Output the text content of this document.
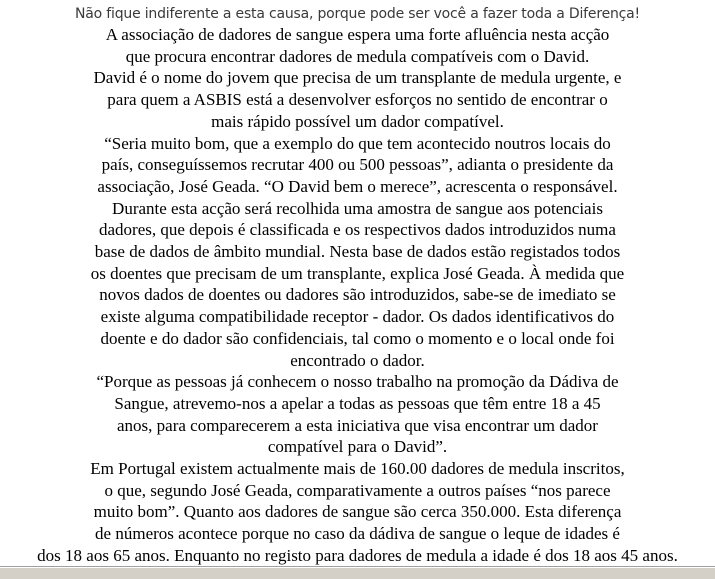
Não fique indiferente a esta causa, porque pode ser você a fazer toda a Diferença!
A associação de dadores de sangue espera uma forte afluência nesta acção
que procura encontrar dadores de medula compatíveis com o David.
David é o nome do jovem que precisa de um transplante de medula urgente, e
para quem a ASBIS está a desenvolver esforços no sentido de encontrar o
mais rápido possível um dador compatível.
“Seria muito bom, que a exemplo do que tem acontecido noutros locais do
país, conseguíssemos recrutar 400 ou 500 pessoas”, adianta o presidente da
associação, José Geada. “O David bem o merece”, acrescenta o responsável.
Durante esta acção será recolhida uma amostra de sangue aos potenciais
dadores, que depois é classificada e os respectivos dados introduzidos numa
base de dados de âmbito mundial. Nesta base de dados estão registados todos
os doentes que precisam de um transplante, explica José Geada. À medida que
novos dados de doentes ou dadores são introduzidos, sabe-se de imediato se
existe alguma compatibilidade receptor - dador. Os dados identificativos do
doente e do dador são confidenciais, tal como o momento e o local onde foi
encontrado o dador.
“Porque as pessoas já conhecem o nosso trabalho na promoção da Dádiva de
Sangue, atrevemo-nos a apelar a todas as pessoas que têm entre 18 a 45
anos, para comparecerem a esta iniciativa que visa encontrar um dador
compatível para o David”.
Em Portugal existem actualmente mais de 160.00 dadores de medula inscritos,
o que, segundo José Geada, comparativamente a outros países “nos parece
muito bom”. Quanto aos dadores de sangue são cerca 350.000. Esta diferença
de números acontece porque no caso da dádiva de sangue o leque de idades é
dos 18 aos 65 anos. Enquanto no registo para dadores de medula a idade é dos 18 aos 45 anos.
